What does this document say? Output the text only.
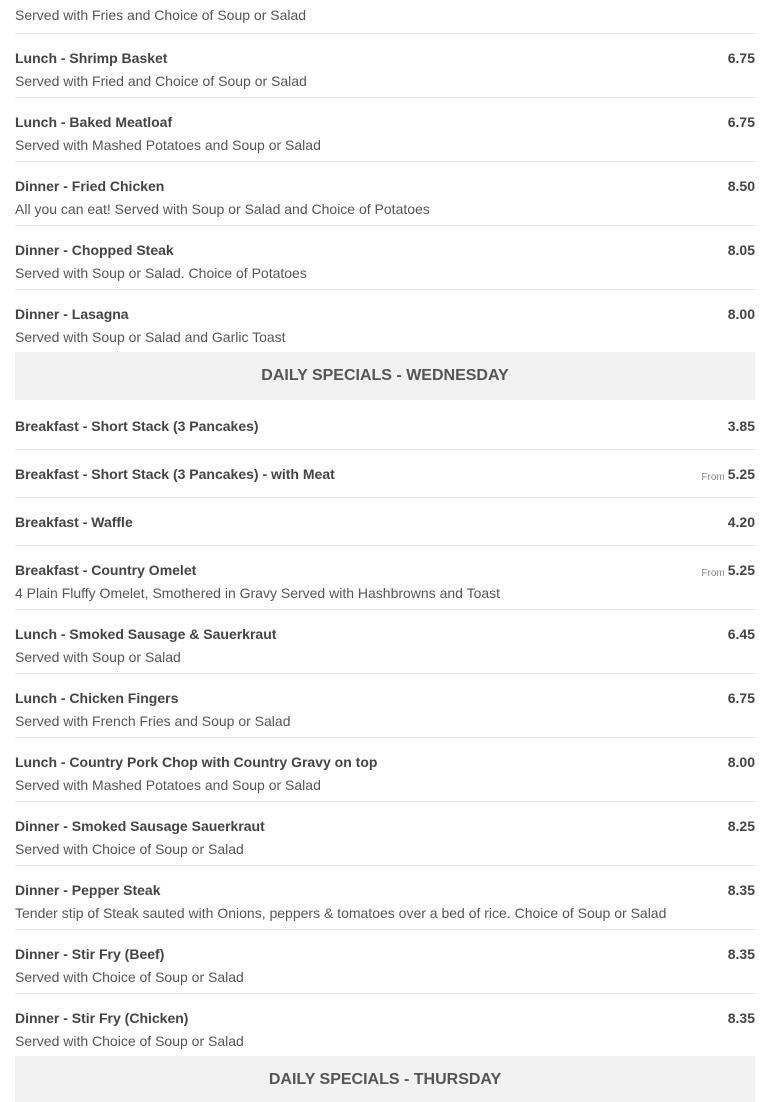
Served with Fries and Choice of Soup or Salad
Lunch - Shrimp Basket
Served with Fried and Choice of Soup or Salad
6.75
Lunch - Baked Meatloaf
Served with Mashed Potatoes and Soup or Salad
6.75
Dinner - Fried Chicken
All you can eat! Served with Soup or Salad and Choice of Potatoes
8.50
Dinner - Chopped Steak
Served with Soup or Salad. Choice of Potatoes
8.05
Dinner - Lasagna
Served with Soup or Salad and Garlic Toast
8.00
DAILY SPECIALS - WEDNESDAY
Breakfast - Short Stack (3 Pancakes)	3.85
Breakfast - Short Stack (3 Pancakes) - with Meat	From 5.25
Breakfast - Waffle	4.20
Breakfast - Country Omelet
4 Plain Fluffy Omelet, Smothered in Gravy Served with Hashbrowns and Toast
From 5.25
Lunch - Smoked Sausage & Sauerkraut
Served with Soup or Salad
6.45
Lunch - Chicken Fingers
Served with French Fries and Soup or Salad
6.75
Lunch - Country Pork Chop with Country Gravy on top
Served with Mashed Potatoes and Soup or Salad
8.00
Dinner - Smoked Sausage Sauerkraut
Served with Choice of Soup or Salad
8.25
Dinner - Pepper Steak
Tender stip of Steak sauted with Onions, peppers & tomatoes over a bed of rice. Choice of Soup or Salad
8.35
Dinner - Stir Fry (Beef)
Served with Choice of Soup or Salad
8.35
Dinner - Stir Fry (Chicken)
Served with Choice of Soup or Salad
8.35
DAILY SPECIALS - THURSDAY
